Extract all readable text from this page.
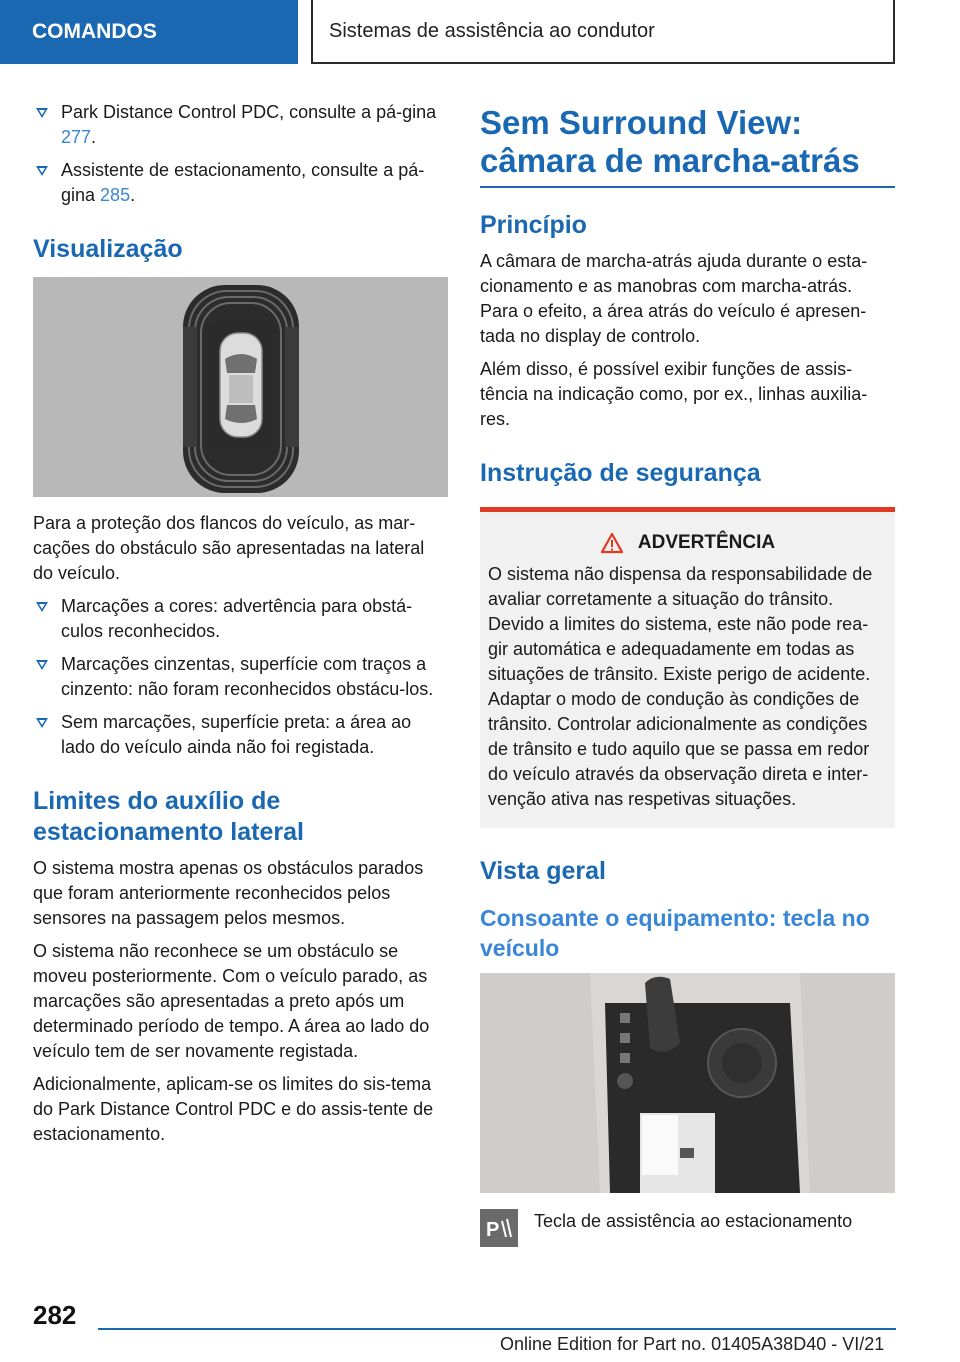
COMANDOS	Sistemas de assistência ao condutor
Park Distance Control PDC, consulte a pá‐gina 277.
Assistente de estacionamento, consulte a pá‐gina 285.
Visualização

Para a proteção dos flancos do veículo, as mar‐cações do obstáculo são apresentadas na lateral do veículo.

Marcações a cores: advertência para obstá‐culos reconhecidos.
Marcações cinzentas, superfície com traços a cinzento: não foram reconhecidos obstácu‐los.
Sem marcações, superfície preta: a área ao lado do veículo ainda não foi registada.
Limites do auxílio de estacionamento lateral

O sistema mostra apenas os obstáculos parados que foram anteriormente reconhecidos pelos sensores na passagem pelos mesmos.

O sistema não reconhece se um obstáculo se moveu posteriormente. Com o veículo parado, as marcações são apresentadas a preto após um determinado período de tempo. A área ao lado do veículo tem de ser novamente registada.

Adicionalmente, aplicam-se os limites do sis‐tema do Park Distance Control PDC e do assis‐tente de estacionamento.

Sem Surround View: câmara de marcha-atrás
Princípio

A câmara de marcha-atrás ajuda durante o esta‐cionamento e as manobras com marcha-atrás. Para o efeito, a área atrás do veículo é apresen‐tada no display de controlo.

Além disso, é possível exibir funções de assis‐tência na indicação como, por ex., linhas auxilia‐res.

Instrução de segurança
ADVERTÊNCIA

O sistema não dispensa da responsabilidade de avaliar corretamente a situação do trânsito. Devido a limites do sistema, este não pode rea‐gir automática e adequadamente em todas as situações de trânsito. Existe perigo de acidente. Adaptar o modo de condução às condições de trânsito. Controlar adicionalmente as condições de trânsito e tudo aquilo que se passa em redor do veículo através da observação direta e inter‐venção ativa nas respetivas situações.

Vista geral
Consoante o equipamento: tecla no veículo
P Tecla de assistência ao estacionamento
282
Online Edition for Part no. 01405A38D40 - VI/21
